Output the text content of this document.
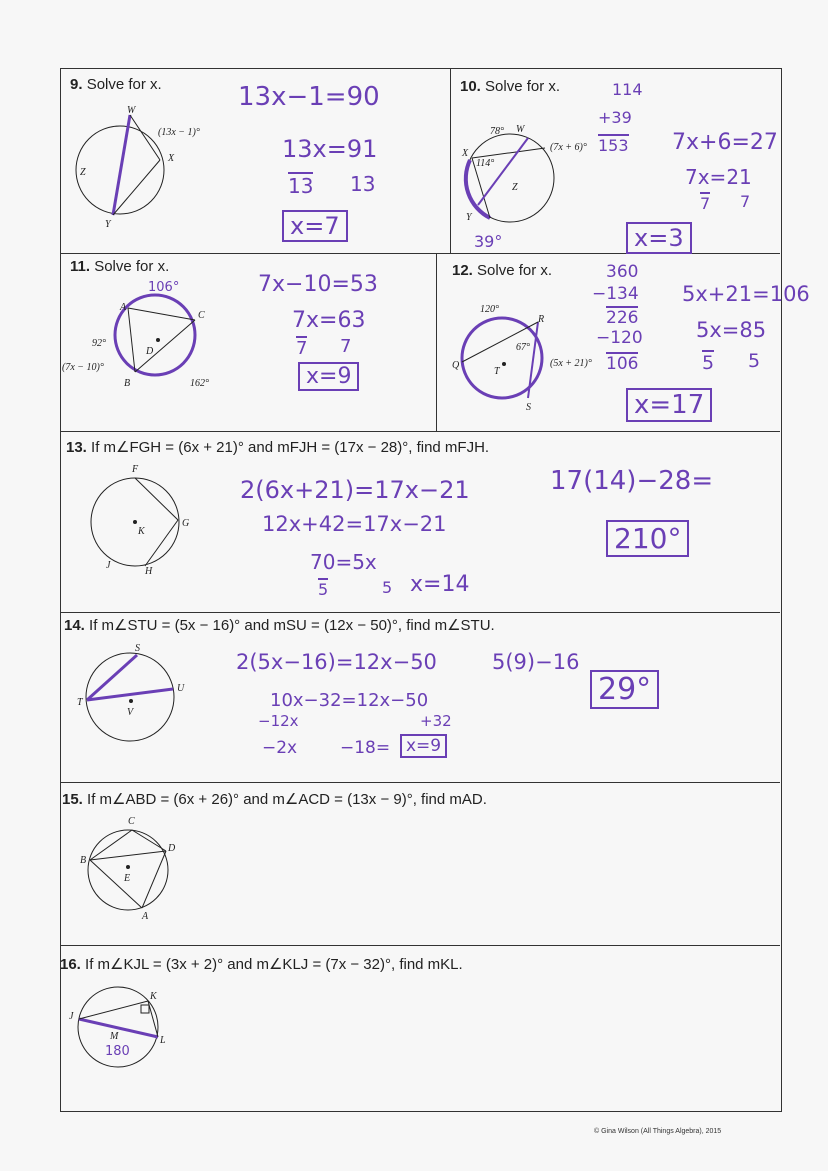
9. Solve for x.
(13x − 1)°
X
W
Z
Y
13x−1=90
13x=91
13 13
x=7
10. Solve for x.
78° W
X
114°
(7x + 6)°
Z
Y
114
+39
153 7x+6=27
7x=21
7 7
x=3
39°
11. Solve for x.
A
C
92°
D
(7x − 10)°
B	162°
106°	7x−10=53
7x=63
7 7
x=9
12. Solve for x.
120°
R
67°
Q
T
(5x + 21)°
S
360
−134
226
−120
106
5x+21=106
5x=85
5 5
x=17
13. If m∠FGH = (6x + 21)° and mFJH = (17x − 28)°, find mFJH.
F
K
G
J
H
2(6x+21)=17x−21
12x+42=17x−21
70=5x
5	5 x=14
17(14)−28=
210°
14. If m∠STU = (5x − 16)° and mSU = (12x − 50)°, find m∠STU.
S
U
T
V
2(5x−16)=12x−50	5(9)−16
10x−32=12x−50
−12x	+32
−2x	−18= x=9
29°
15. If m∠ABD = (6x + 26)° and m∠ACD = (13x − 9)°, find mAD.
C
B
D
E
A
16. If m∠KJL = (3x + 2)° and m∠KLJ = (7x − 32)°, find mKL.
K
J
L
M
180
© Gina Wilson (All Things Algebra), 2015
